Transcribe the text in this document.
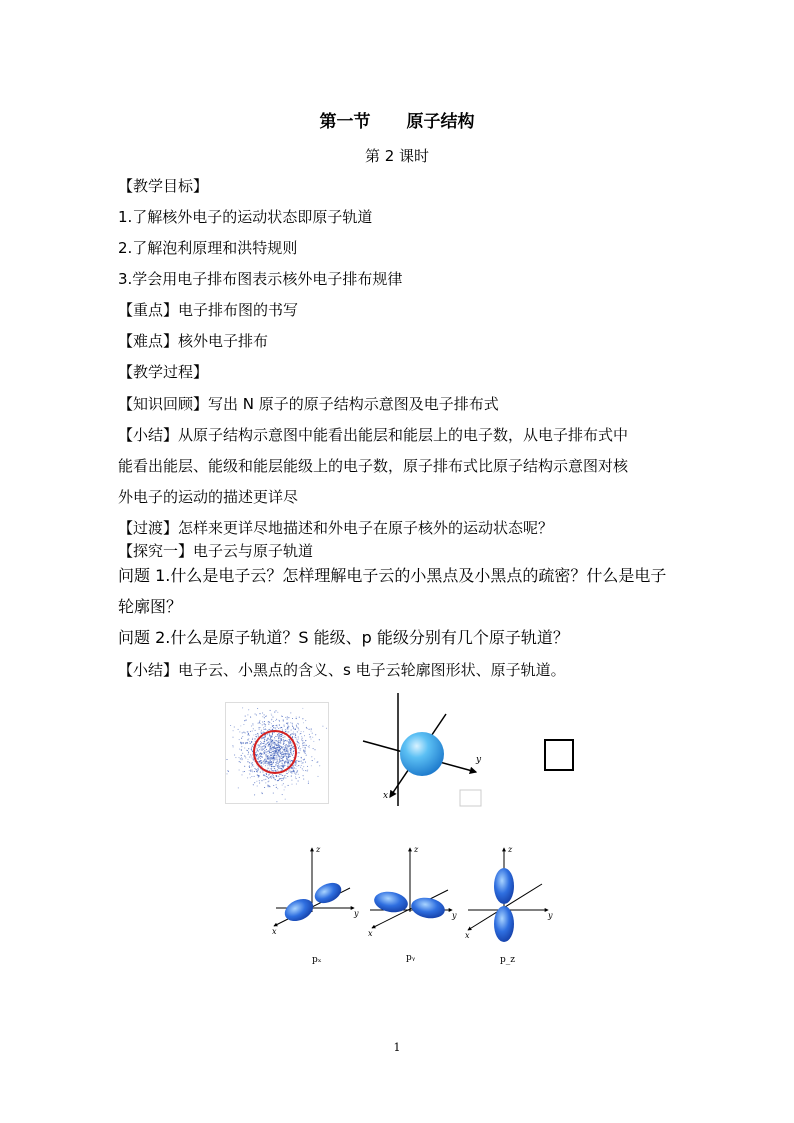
第一节 原子结构
第 2 课时
【教学目标】
1.了解核外电子的运动状态即原子轨道
2.了解泡利原理和洪特规则
3.学会用电子排布图表示核外电子排布规律
【重点】电子排布图的书写
【难点】核外电子排布
【教学过程】
【知识回顾】写出 N 原子的原子结构示意图及电子排布式
【小结】从原子结构示意图中能看出能层和能层上的电子数，从电子排布式中
能看出能层、能级和能层能级上的电子数，原子排布式比原子结构示意图对核
外电子的运动的描述更详尽
【过渡】怎样来更详尽地描述和外电子在原子核外的运动状态呢？
【探究一】电子云与原子轨道
问题 1.什么是电子云？怎样理解电子云的小黑点及小黑点的疏密？什么是电子
轮廓图？
问题 2.什么是原子轨道？S 能级、p 能级分别有几个原子轨道？
【小结】电子云、小黑点的含义、s 电子云轮廓图形状、原子轨道。
y
x
z
y
x
pₓ
z
y
x
pᵧ
z
y
x
p_z
1
